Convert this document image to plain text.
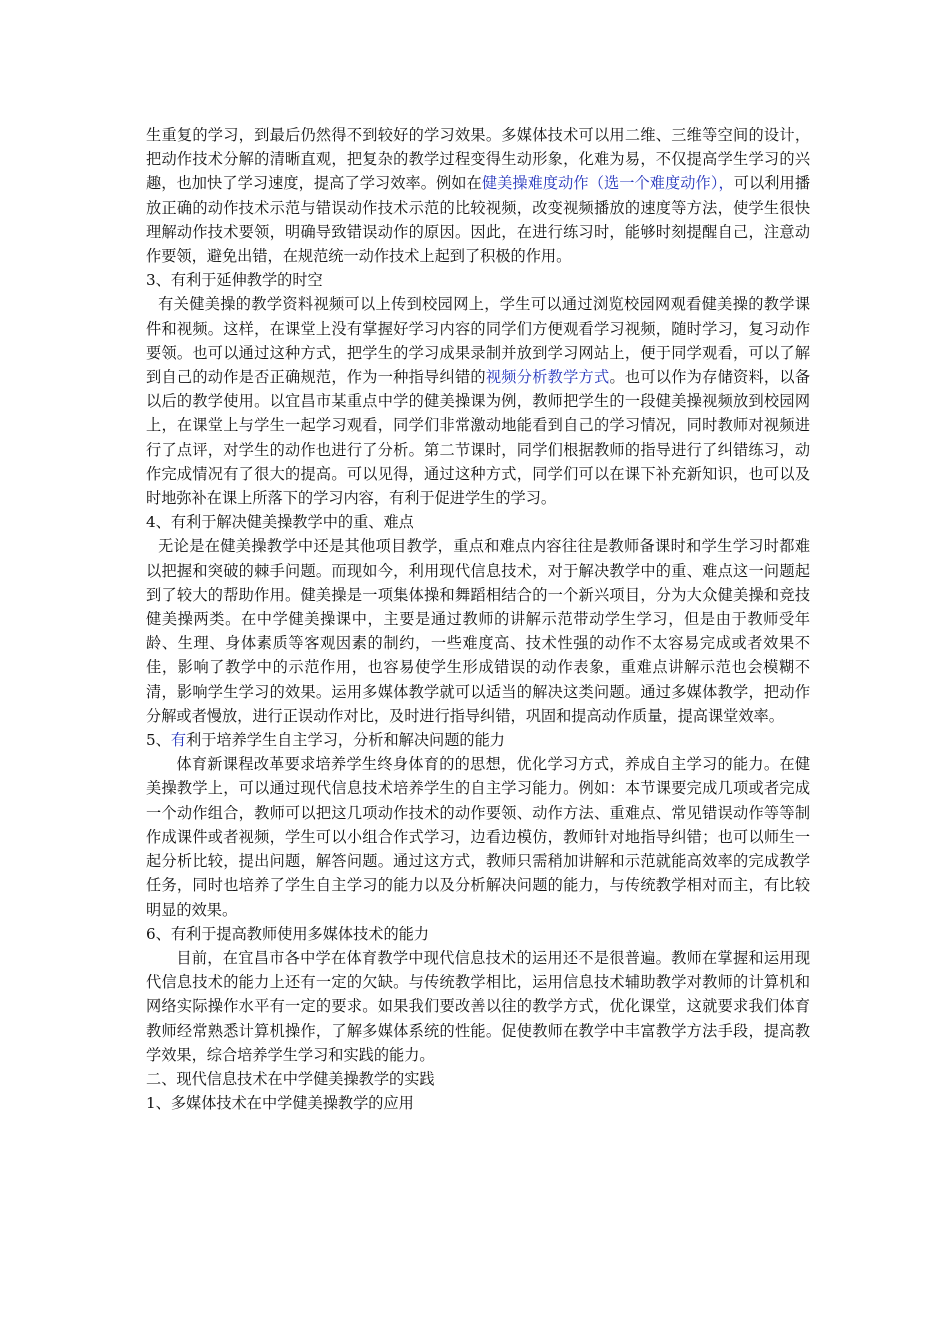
生重复的学习，到最后仍然得不到较好的学习效果。多媒体技术可以用二维、三维等空间的设计，把动作技术分解的清晰直观，把复杂的教学过程变得生动形象，化难为易，不仅提高学生学习的兴趣，也加快了学习速度，提高了学习效率。例如在健美操难度动作（选一个难度动作），可以利用播放正确的动作技术示范与错误动作技术示范的比较视频，改变视频播放的速度等方法，使学生很快理解动作技术要领，明确导致错误动作的原因。因此，在进行练习时，能够时刻提醒自己，注意动作要领，避免出错，在规范统一动作技术上起到了积极的作用。

3、有利于延伸教学的时空

有关健美操的教学资料视频可以上传到校园网上，学生可以通过浏览校园网观看健美操的教学课件和视频。这样，在课堂上没有掌握好学习内容的同学们方便观看学习视频，随时学习，复习动作要领。也可以通过这种方式，把学生的学习成果录制并放到学习网站上，便于同学观看，可以了解到自己的动作是否正确规范，作为一种指导纠错的视频分析教学方式。也可以作为存储资料，以备以后的教学使用。以宜昌市某重点中学的健美操课为例，教师把学生的一段健美操视频放到校园网上，在课堂上与学生一起学习观看，同学们非常激动地能看到自己的学习情况，同时教师对视频进行了点评，对学生的动作也进行了分析。第二节课时，同学们根据教师的指导进行了纠错练习，动作完成情况有了很大的提高。可以见得，通过这种方式，同学们可以在课下补充新知识，也可以及时地弥补在课上所落下的学习内容，有利于促进学生的学习。

4、有利于解决健美操教学中的重、难点

无论是在健美操教学中还是其他项目教学，重点和难点内容往往是教师备课时和学生学习时都难以把握和突破的棘手问题。而现如今，利用现代信息技术，对于解决教学中的重、难点这一问题起到了较大的帮助作用。健美操是一项集体操和舞蹈相结合的一个新兴项目，分为大众健美操和竞技健美操两类。在中学健美操课中，主要是通过教师的讲解示范带动学生学习，但是由于教师受年龄、生理、身体素质等客观因素的制约，一些难度高、技术性强的动作不太容易完成或者效果不佳，影响了教学中的示范作用，也容易使学生形成错误的动作表象，重难点讲解示范也会模糊不清，影响学生学习的效果。运用多媒体教学就可以适当的解决这类问题。通过多媒体教学，把动作分解或者慢放，进行正误动作对比，及时进行指导纠错，巩固和提高动作质量，提高课堂效率。

5、有利于培养学生自主学习，分析和解决问题的能力

体育新课程改革要求培养学生终身体育的的思想，优化学习方式，养成自主学习的能力。在健美操教学上，可以通过现代信息技术培养学生的自主学习能力。例如：本节课要完成几项或者完成一个动作组合，教师可以把这几项动作技术的动作要领、动作方法、重难点、常见错误动作等等制作成课件或者视频，学生可以小组合作式学习，边看边模仿，教师针对地指导纠错；也可以师生一起分析比较，提出问题，解答问题。通过这方式，教师只需稍加讲解和示范就能高效率的完成教学任务，同时也培养了学生自主学习的能力以及分析解决问题的能力，与传统教学相对而主，有比较明显的效果。

6、有利于提高教师使用多媒体技术的能力

目前，在宜昌市各中学在体育教学中现代信息技术的运用还不是很普遍。教师在掌握和运用现代信息技术的能力上还有一定的欠缺。与传统教学相比，运用信息技术辅助教学对教师的计算机和网络实际操作水平有一定的要求。如果我们要改善以往的教学方式，优化课堂，这就要求我们体育教师经常熟悉计算机操作，了解多媒体系统的性能。促使教师在教学中丰富教学方法手段，提高教学效果，综合培养学生学习和实践的能力。

二、现代信息技术在中学健美操教学的实践

1、多媒体技术在中学健美操教学的应用
